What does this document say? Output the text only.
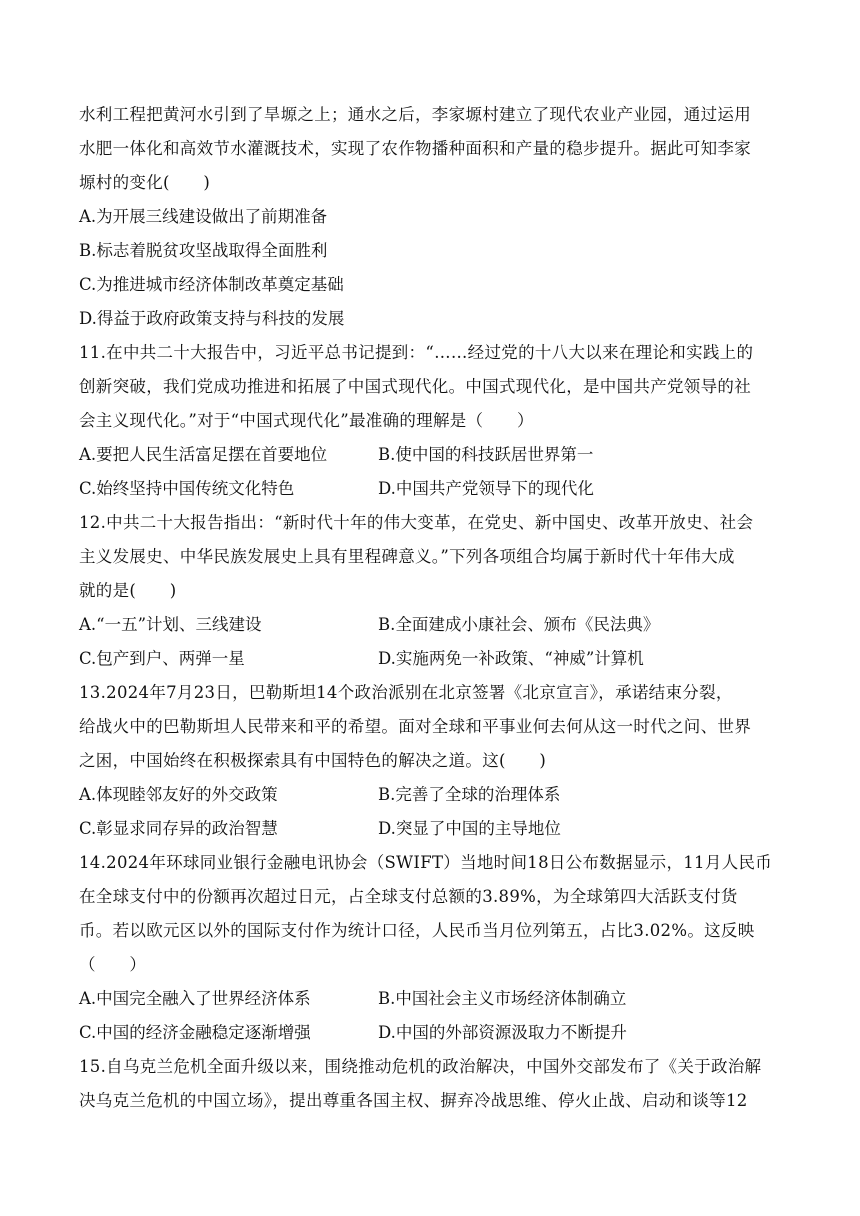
水利工程把黄河水引到了旱塬之上；通水之后，李家塬村建立了现代农业产业园，通过运用
水肥一体化和高效节水灌溉技术，实现了农作物播种面积和产量的稳步提升。据此可知李家
塬村的变化(　　)
A.为开展三线建设做出了前期准备
B.标志着脱贫攻坚战取得全面胜利
C.为推进城市经济体制改革奠定基础
D.得益于政府政策支持与科技的发展
11.在中共二十大报告中，习近平总书记提到：“……经过党的十八大以来在理论和实践上的
创新突破，我们党成功推进和拓展了中国式现代化。中国式现代化，是中国共产党领导的社
会主义现代化。”对于“中国式现代化”最准确的理解是（　　）
A.要把人民生活富足摆在首要地位	B.使中国的科技跃居世界第一
C.始终坚持中国传统文化特色	D.中国共产党领导下的现代化
12.中共二十大报告指出：“新时代十年的伟大变革，在党史、新中国史、改革开放史、社会
主义发展史、中华民族发展史上具有里程碑意义。”下列各项组合均属于新时代十年伟大成
就的是(　　)
A.“一五”计划、三线建设	B.全面建成小康社会、颁布《民法典》
C.包产到户、两弹一星	D.实施两免一补政策、“神威”计算机
13.2024年7月23日，巴勒斯坦14个政治派别在北京签署《北京宣言》，承诺结束分裂，
给战火中的巴勒斯坦人民带来和平的希望。面对全球和平事业何去何从这一时代之问、世界
之困，中国始终在积极探索具有中国特色的解决之道。这(　　)
A.体现睦邻友好的外交政策	B.完善了全球的治理体系
C.彰显求同存异的政治智慧	D.突显了中国的主导地位
14.2024年环球同业银行金融电讯协会（SWIFT）当地时间18日公布数据显示，11月人民币
在全球支付中的份额再次超过日元，占全球支付总额的3.89%，为全球第四大活跃支付货
币。若以欧元区以外的国际支付作为统计口径，人民币当月位列第五，占比3.02%。这反映
（　　）
A.中国完全融入了世界经济体系	B.中国社会主义市场经济体制确立
C.中国的经济金融稳定逐渐增强	D.中国的外部资源汲取力不断提升
15.自乌克兰危机全面升级以来，围绕推动危机的政治解决，中国外交部发布了《关于政治解
决乌克兰危机的中国立场》，提出尊重各国主权、摒弃冷战思维、停火止战、启动和谈等12
